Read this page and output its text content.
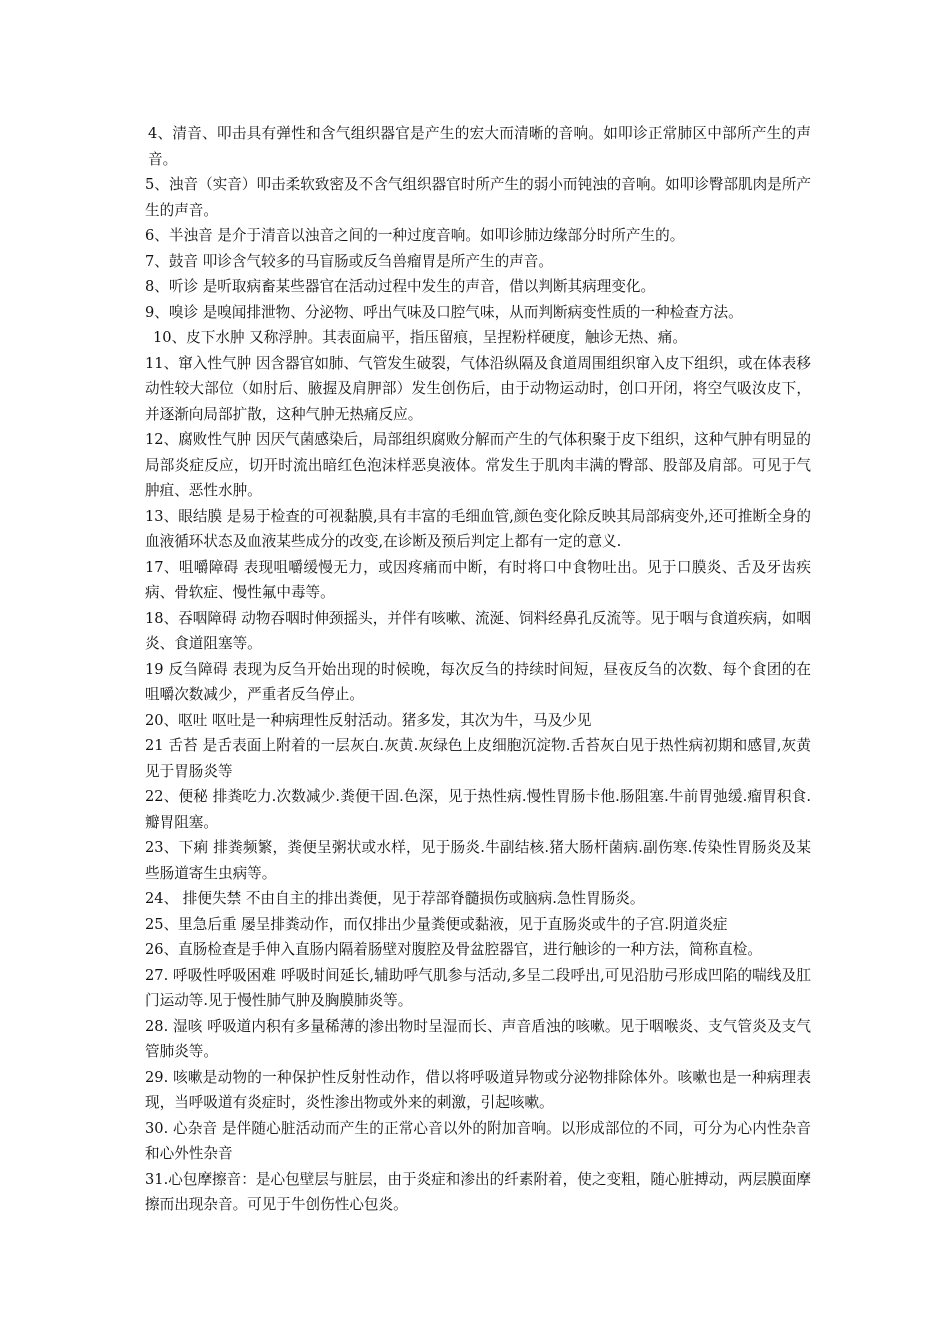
4、清音、叩击具有弹性和含气组织器官是产生的宏大而清晰的音响。如叩诊正常肺区中部所产生的声音。

5、浊音（实音）叩击柔软致密及不含气组织器官时所产生的弱小而钝浊的音响。如叩诊臀部肌肉是所产生的声音。

6、半浊音 是介于清音以浊音之间的一种过度音响。如叩诊肺边缘部分时所产生的。

7、鼓音 叩诊含气较多的马盲肠或反刍兽瘤胃是所产生的声音。

8、听诊 是听取病畜某些器官在活动过程中发生的声音，借以判断其病理变化。

9、嗅诊 是嗅闻排泄物、分泌物、呼出气味及口腔气味，从而判断病变性质的一种检查方法。

10、皮下水肿 又称浮肿。其表面扁平，指压留痕，呈捏粉样硬度，触诊无热、痛。

11、窜入性气肿 因含器官如肺、气管发生破裂，气体沿纵隔及食道周围组织窜入皮下组织，或在体表移动性较大部位（如肘后、腋握及肩胛部）发生创伤后，由于动物运动时，创口开闭，将空气吸汝皮下，并逐渐向局部扩散，这种气肿无热痛反应。

12、腐败性气肿 因厌气菌感染后，局部组织腐败分解而产生的气体积聚于皮下组织，这种气肿有明显的局部炎症反应，切开时流出暗红色泡沫样恶臭液体。常发生于肌肉丰满的臀部、股部及肩部。可见于气肿疽、恶性水肿。

13、眼结膜 是易于检查的可视黏膜,具有丰富的毛细血管,颜色变化除反映其局部病变外,还可推断全身的血液循环状态及血液某些成分的改变,在诊断及预后判定上都有一定的意义.

17、咀嚼障碍 表现咀嚼缓慢无力，或因疼痛而中断，有时将口中食物吐出。见于口膜炎、舌及牙齿疾病、骨软症、慢性氟中毒等。

18、吞咽障碍 动物吞咽时伸颈摇头，并伴有咳嗽、流涎、饲料经鼻孔反流等。见于咽与食道疾病，如咽炎、食道阻塞等。

19 反刍障碍 表现为反刍开始出现的时候晚，每次反刍的持续时间短，昼夜反刍的次数、每个食团的在咀嚼次数减少，严重者反刍停止。

20、呕吐 呕吐是一种病理性反射活动。猪多发，其次为牛，马及少见

21 舌苔 是舌表面上附着的一层灰白.灰黄.灰绿色上皮细胞沉淀物.舌苔灰白见于热性病初期和感冒,灰黄见于胃肠炎等

22、便秘 排粪吃力.次数减少.粪便干固.色深，见于热性病.慢性胃肠卡他.肠阻塞.牛前胃弛缓.瘤胃积食.瓣胃阻塞。

23、下痢 排粪频繁，粪便呈粥状或水样，见于肠炎.牛副结核.猪大肠杆菌病.副伤寒.传染性胃肠炎及某些肠道寄生虫病等。

24、 排便失禁 不由自主的排出粪便，见于荐部脊髓损伤或脑病.急性胃肠炎。

25、里急后重 屡呈排粪动作，而仅排出少量粪便或黏液，见于直肠炎或牛的子宫.阴道炎症

26、直肠检查是手伸入直肠内隔着肠壁对腹腔及骨盆腔器官，进行触诊的一种方法，简称直检。

27. 呼吸性呼吸困难 呼吸时间延长,辅助呼气肌参与活动,多呈二段呼出,可见沿肋弓形成凹陷的喘线及肛门运动等.见于慢性肺气肿及胸膜肺炎等。

28. 湿咳 呼吸道内积有多量稀薄的渗出物时呈湿而长、声音盾浊的咳嗽。见于咽喉炎、支气管炎及支气管肺炎等。

29. 咳嗽是动物的一种保护性反射性动作，借以将呼吸道异物或分泌物排除体外。咳嗽也是一种病理表现，当呼吸道有炎症时，炎性渗出物或外来的刺激，引起咳嗽。

30. 心杂音 是伴随心脏活动而产生的正常心音以外的附加音响。以形成部位的不同，可分为心内性杂音和心外性杂音

31.心包摩擦音：是心包壁层与脏层，由于炎症和渗出的纤素附着，使之变粗，随心脏搏动，两层膜面摩擦而出现杂音。可见于牛创伤性心包炎。
